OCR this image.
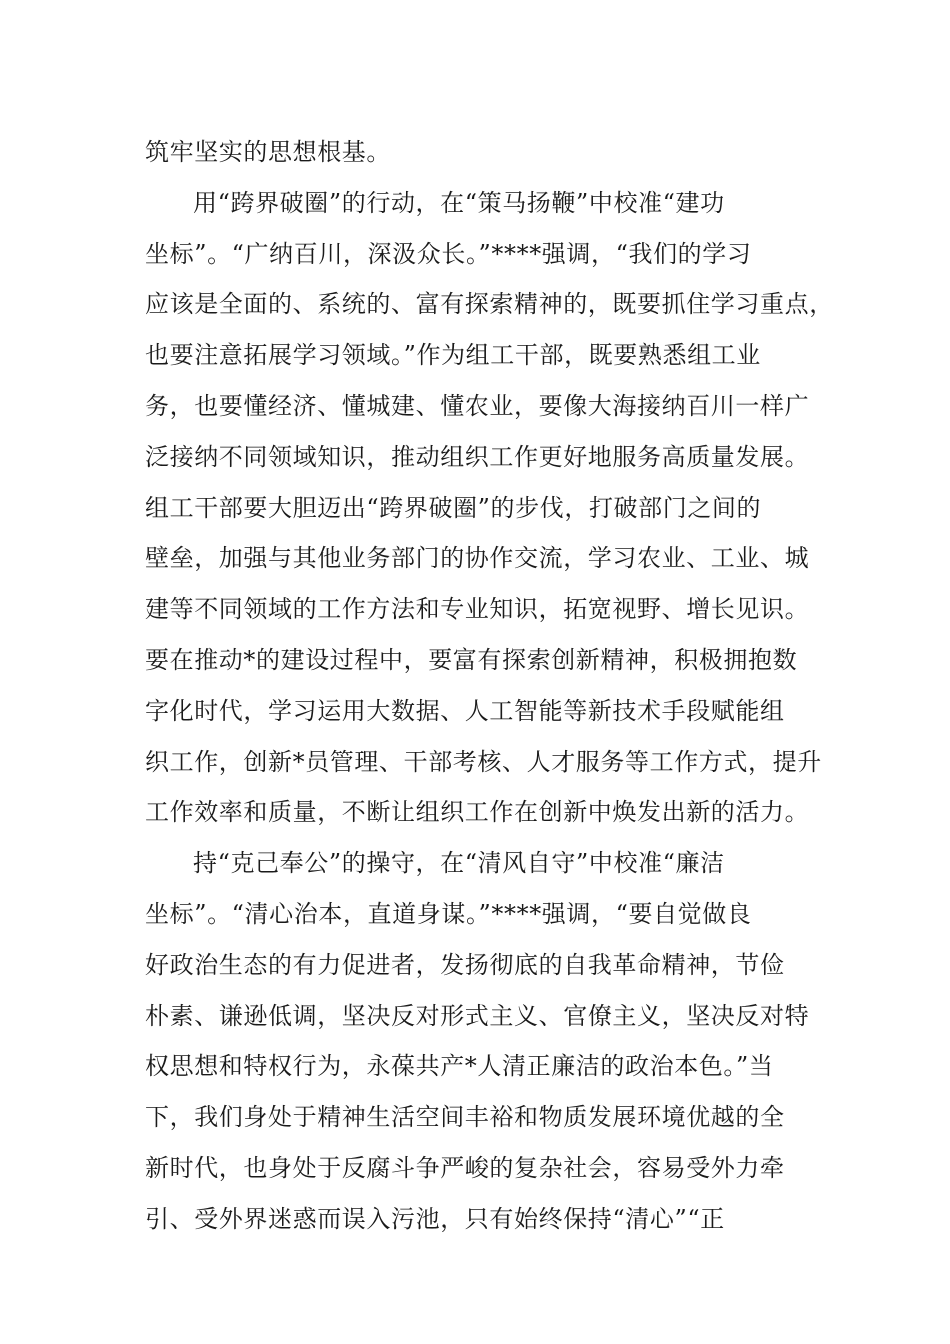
筑牢坚实的思想根基。
用“跨界破圈”的行动，在“策马扬鞭”中校准“建功
坐标”。“广纳百川，深汲众长。”****强调，“我们的学习
应该是全面的、系统的、富有探索精神的，既要抓住学习重点，
也要注意拓展学习领域。”作为组工干部，既要熟悉组工业
务，也要懂经济、懂城建、懂农业，要像大海接纳百川一样广
泛接纳不同领域知识，推动组织工作更好地服务高质量发展。
组工干部要大胆迈出“跨界破圈”的步伐，打破部门之间的
壁垒，加强与其他业务部门的协作交流，学习农业、工业、城
建等不同领域的工作方法和专业知识，拓宽视野、增长见识。
要在推动*的建设过程中，要富有探索创新精神，积极拥抱数
字化时代，学习运用大数据、人工智能等新技术手段赋能组
织工作，创新*员管理、干部考核、人才服务等工作方式，提升
工作效率和质量，不断让组织工作在创新中焕发出新的活力。
持“克己奉公”的操守，在“清风自守”中校准“廉洁
坐标”。“清心治本，直道身谋。”****强调，“要自觉做良
好政治生态的有力促进者，发扬彻底的自我革命精神，节俭
朴素、谦逊低调，坚决反对形式主义、官僚主义，坚决反对特
权思想和特权行为，永葆共产*人清正廉洁的政治本色。”当
下，我们身处于精神生活空间丰裕和物质发展环境优越的全
新时代，也身处于反腐斗争严峻的复杂社会，容易受外力牵
引、受外界迷惑而误入污池，只有始终保持“清心”“正
